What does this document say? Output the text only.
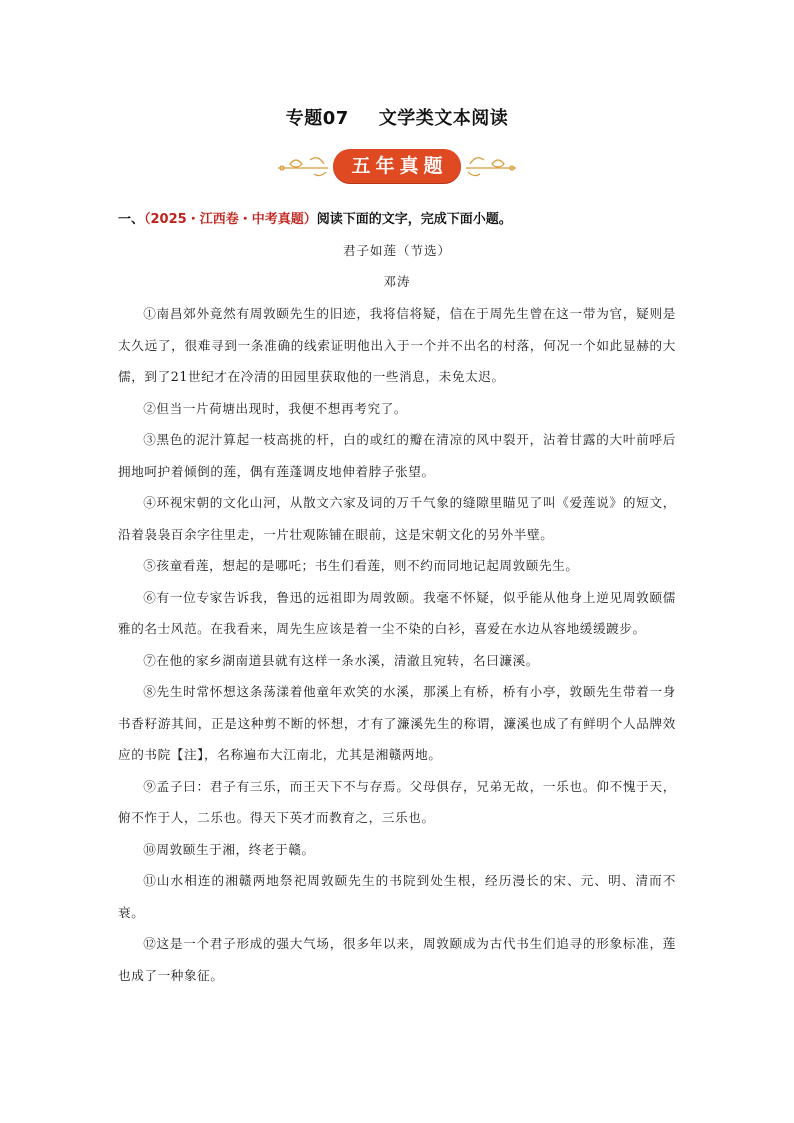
专题07 文学类文本阅读
五年真题
一、（2025・江西卷・中考真题）阅读下面的文字，完成下面小题。
君子如莲（节选）
邓涛

①南昌郊外竟然有周敦颐先生的旧迹，我将信将疑，信在于周先生曾在这一带为官，疑则是太久远了，很难寻到一条准确的线索证明他出入于一个并不出名的村落，何况一个如此显赫的大儒，到了21世纪才在冷清的田园里获取他的一些消息，未免太迟。

②但当一片荷塘出现时，我便不想再考究了。

③黑色的泥汁算起一枝高挑的杆，白的或红的瓣在清凉的风中裂开，沾着甘露的大叶前呼后拥地呵护着倾倒的莲，偶有莲蓬调皮地伸着脖子张望。

④环视宋朝的文化山河，从散文六家及词的万千气象的缝隙里瞄见了叫《爱莲说》的短文，沿着袅袅百余字往里走，一片壮观陈铺在眼前，这是宋朝文化的另外半壁。

⑤孩童看莲，想起的是哪吒；书生们看莲，则不约而同地记起周敦颐先生。

⑥有一位专家告诉我，鲁迅的远祖即为周敦颐。我毫不怀疑，似乎能从他身上逆见周敦颐儒雅的名士风范。在我看来，周先生应该是着一尘不染的白衫，喜爱在水边从容地缓缓踱步。

⑦在他的家乡湖南道县就有这样一条水溪，清澈且宛转，名曰濂溪。

⑧先生时常怀想这条荡漾着他童年欢笑的水溪，那溪上有桥，桥有小亭，敦颐先生带着一身书香籽游其间，正是这种剪不断的怀想，才有了濂溪先生的称谓，濂溪也成了有鲜明个人品牌效应的书院【注】，名称遍布大江南北，尤其是湘赣两地。

⑨孟子曰：君子有三乐，而王天下不与存焉。父母俱存，兄弟无故，一乐也。仰不愧于天，俯不怍于人，二乐也。得天下英才而教育之，三乐也。

⑩周敦颐生于湘，终老于赣。

⑪山水相连的湘赣两地祭祀周敦颐先生的书院到处生根，经历漫长的宋、元、明、清而不衰。

⑫这是一个君子形成的强大气场，很多年以来，周敦颐成为古代书生们追寻的形象标准，莲也成了一种象征。
